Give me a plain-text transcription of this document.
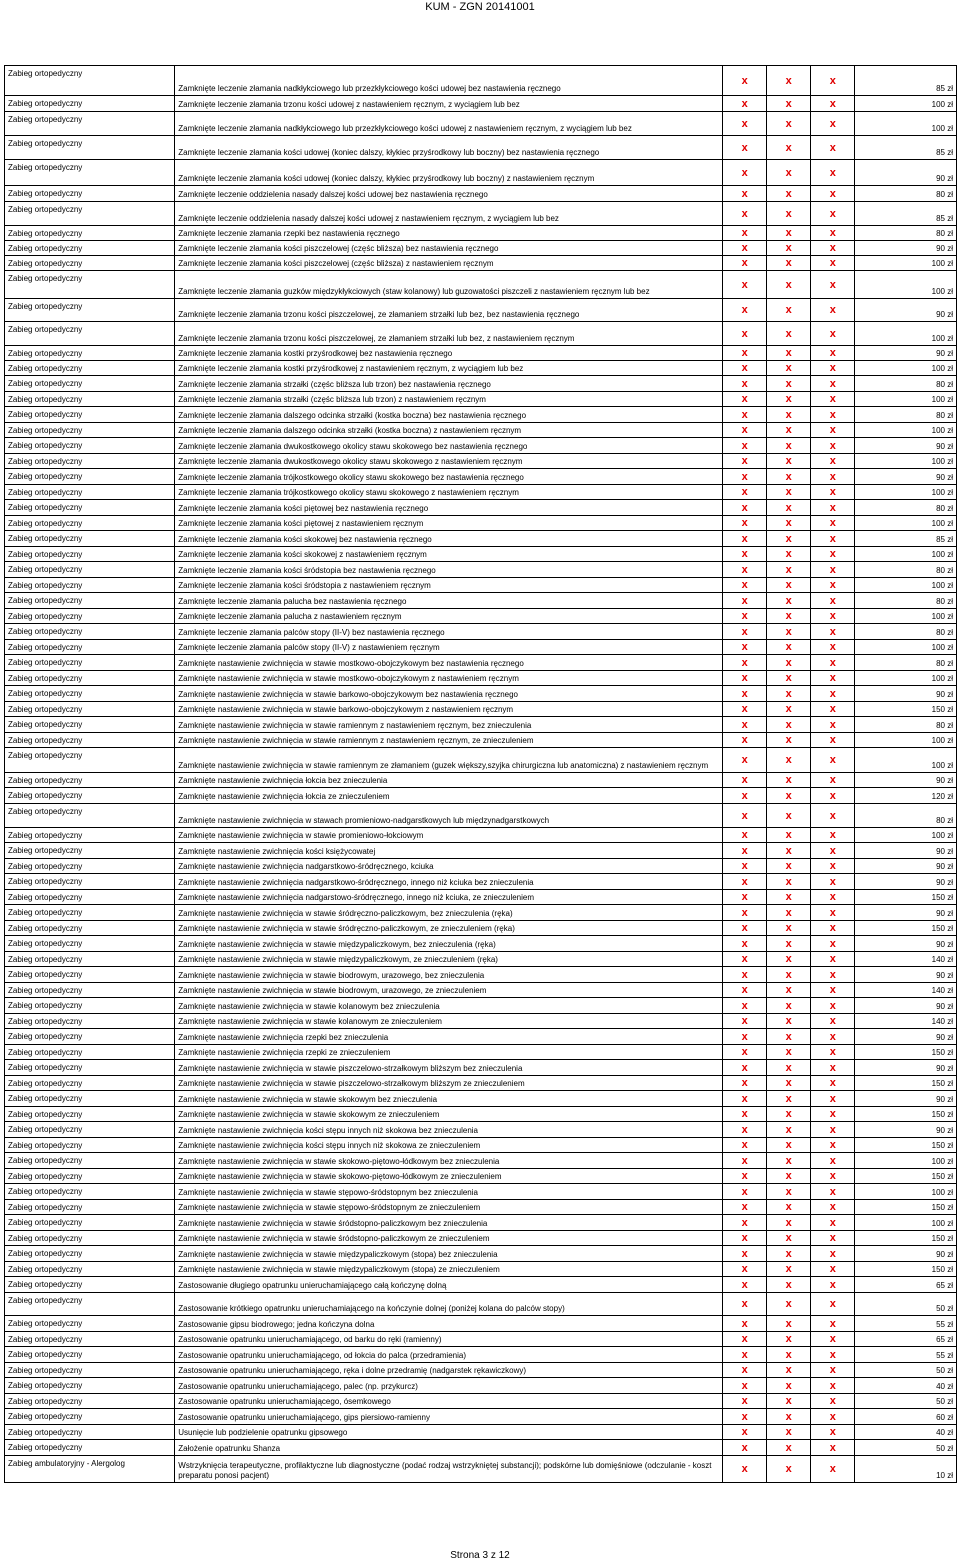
KUM - ZGN 20141001
Zabieg ortopedyczny	Zamknięte leczenie złamania nadkłykciowego lub przezkłykciowego kości udowej bez nastawienia ręcznego	x	x	x	85 zł
Zabieg ortopedyczny	Zamknięte leczenie złamania trzonu kości udowej z nastawieniem ręcznym, z wyciągiem lub bez	x	x	x	100 zł
Zabieg ortopedyczny	Zamknięte leczenie złamania nadkłykciowego lub przezkłykciowego kości udowej z nastawieniem ręcznym, z wyciągiem lub bez	x	x	x	100 zł
Zabieg ortopedyczny	Zamknięte leczenie złamania kości udowej (koniec dalszy, kłykiec przyśrodkowy lub boczny) bez nastawienia ręcznego	x	x	x	85 zł
Zabieg ortopedyczny	Zamknięte leczenie złamania kości udowej (koniec dalszy, kłykiec przyśrodkowy lub boczny) z nastawieniem ręcznym	x	x	x	90 zł
Zabieg ortopedyczny	Zamknięte leczenie oddzielenia nasady dalszej kości udowej bez nastawienia ręcznego	x	x	x	80 zł
Zabieg ortopedyczny	Zamknięte leczenie oddzielenia nasady dalszej kości udowej z nastawieniem ręcznym, z wyciągiem lub bez	x	x	x	85 zł
Zabieg ortopedyczny	Zamknięte leczenie złamania rzepki bez nastawienia ręcznego	x	x	x	80 zł
Zabieg ortopedyczny	Zamknięte leczenie złamania kości piszczelowej (częśc bliższa) bez nastawienia ręcznego	x	x	x	90 zł
Zabieg ortopedyczny	Zamknięte leczenie złamania kości piszczelowej (częśc bliższa) z nastawieniem ręcznym	x	x	x	100 zł
Zabieg ortopedyczny	Zamknięte leczenie złamania guzków międzykłykciowych (staw kolanowy) lub guzowatości piszczeli z nastawieniem ręcznym lub bez	x	x	x	100 zł
Zabieg ortopedyczny	Zamknięte leczenie złamania trzonu kości piszczelowej, ze złamaniem strzałki lub bez, bez nastawienia ręcznego	x	x	x	90 zł
Zabieg ortopedyczny	Zamknięte leczenie złamania trzonu kości piszczelowej, ze złamaniem strzałki lub bez, z nastawieniem ręcznym	x	x	x	100 zł
Zabieg ortopedyczny	Zamknięte leczenie złamania kostki przyśrodkowej bez nastawienia ręcznego	x	x	x	90 zł
Zabieg ortopedyczny	Zamknięte leczenie złamania kostki przyśrodkowej z nastawieniem ręcznym, z wyciągiem lub bez	x	x	x	100 zł
Zabieg ortopedyczny	Zamknięte leczenie złamania strzałki (częśc bliższa lub trzon) bez nastawienia ręcznego	x	x	x	80 zł
Zabieg ortopedyczny	Zamknięte leczenie złamania strzałki (częśc bliższa lub trzon) z nastawieniem ręcznym	x	x	x	100 zł
Zabieg ortopedyczny	Zamknięte leczenie złamania dalszego odcinka strzałki (kostka boczna) bez nastawienia ręcznego	x	x	x	80 zł
Zabieg ortopedyczny	Zamknięte leczenie złamania dalszego odcinka strzałki (kostka boczna) z nastawieniem ręcznym	x	x	x	100 zł
Zabieg ortopedyczny	Zamknięte leczenie złamania dwukostkowego okolicy stawu skokowego bez nastawienia ręcznego	x	x	x	90 zł
Zabieg ortopedyczny	Zamknięte leczenie złamania dwukostkowego okolicy stawu skokowego z nastawieniem ręcznym	x	x	x	100 zł
Zabieg ortopedyczny	Zamknięte leczenie złamania trójkostkowego okolicy stawu skokowego bez nastawienia ręcznego	x	x	x	90 zł
Zabieg ortopedyczny	Zamknięte leczenie złamania trójkostkowego okolicy stawu skokowego z nastawieniem ręcznym	x	x	x	100 zł
Zabieg ortopedyczny	Zamknięte leczenie złamania kości piętowej bez nastawienia ręcznego	x	x	x	80 zł
Zabieg ortopedyczny	Zamknięte leczenie złamania kości piętowej z nastawieniem ręcznym	x	x	x	100 zł
Zabieg ortopedyczny	Zamknięte leczenie złamania kości skokowej bez nastawienia ręcznego	x	x	x	85 zł
Zabieg ortopedyczny	Zamknięte leczenie złamania kości skokowej z nastawieniem ręcznym	x	x	x	100 zł
Zabieg ortopedyczny	Zamknięte leczenie złamania kości śródstopia bez nastawienia ręcznego	x	x	x	80 zł
Zabieg ortopedyczny	Zamknięte leczenie złamania kości śródstopia z nastawieniem ręcznym	x	x	x	100 zł
Zabieg ortopedyczny	Zamknięte leczenie złamania palucha bez nastawienia ręcznego	x	x	x	80 zł
Zabieg ortopedyczny	Zamknięte leczenie złamania palucha z nastawieniem ręcznym	x	x	x	100 zł
Zabieg ortopedyczny	Zamknięte leczenie złamania palców stopy (II-V) bez nastawienia ręcznego	x	x	x	80 zł
Zabieg ortopedyczny	Zamknięte leczenie złamania palców stopy (II-V) z nastawieniem ręcznym	x	x	x	100 zł
Zabieg ortopedyczny	Zamknięte nastawienie zwichnięcia w stawie mostkowo-obojczykowym bez nastawienia ręcznego	x	x	x	80 zł
Zabieg ortopedyczny	Zamknięte nastawienie zwichnięcia w stawie mostkowo-obojczykowym z nastawieniem ręcznym	x	x	x	100 zł
Zabieg ortopedyczny	Zamknięte nastawienie zwichnięcia w stawie barkowo-obojczykowym bez nastawienia ręcznego	x	x	x	90 zł
Zabieg ortopedyczny	Zamknięte nastawienie zwichnięcia w stawie barkowo-obojczykowym z nastawieniem ręcznym	x	x	x	150 zł
Zabieg ortopedyczny	Zamknięte nastawienie zwichnięcia w stawie ramiennym z nastawieniem ręcznym, bez znieczulenia	x	x	x	80 zł
Zabieg ortopedyczny	Zamknięte nastawienie zwichnięcia w stawie ramiennym z nastawieniem ręcznym, ze znieczuleniem	x	x	x	100 zł
Zabieg ortopedyczny	Zamknięte nastawienie zwichnięcia w stawie ramiennym ze złamaniem (guzek większy,szyjka chirurgiczna lub anatomiczna) z nastawieniem ręcznym	x	x	x	100 zł
Zabieg ortopedyczny	Zamknięte nastawienie zwichnięcia łokcia bez znieczulenia	x	x	x	90 zł
Zabieg ortopedyczny	Zamknięte nastawienie zwichnięcia łokcia ze znieczuleniem	x	x	x	120 zł
Zabieg ortopedyczny	Zamknięte nastawienie zwichnięcia w stawach promieniowo-nadgarstkowych lub międzynadgarstkowych	x	x	x	80 zł
Zabieg ortopedyczny	Zamknięte nastawienie zwichnięcia w stawie promieniowo-łokciowym	x	x	x	100 zł
Zabieg ortopedyczny	Zamknięte nastawienie zwichnięcia kości księżycowatej	x	x	x	90 zł
Zabieg ortopedyczny	Zamknięte nastawienie zwichnięcia nadgarstkowo-śródręcznego, kciuka	x	x	x	90 zł
Zabieg ortopedyczny	Zamknięte nastawienie zwichnięcia nadgarstkowo-śródręcznego, innego niż kciuka bez znieczulenia	x	x	x	90 zł
Zabieg ortopedyczny	Zamknięte nastawienie zwichnięcia nadgarstowo-śródręcznego, innego niż kciuka, ze znieczuleniem	x	x	x	150 zł
Zabieg ortopedyczny	Zamknięte nastawienie zwichnięcia w stawie śródręczno-paliczkowym, bez znieczulenia (ręka)	x	x	x	90 zł
Zabieg ortopedyczny	Zamknięte nastawienie zwichnięcia w stawie śródręczno-paliczkowym, ze znieczuleniem (ręka)	x	x	x	150 zł
Zabieg ortopedyczny	Zamknięte nastawienie zwichnięcia w stawie międzypaliczkowym, bez znieczulenia (ręka)	x	x	x	90 zł
Zabieg ortopedyczny	Zamknięte nastawienie zwichnięcia w stawie międzypaliczkowym, ze znieczuleniem (ręka)	x	x	x	140 zł
Zabieg ortopedyczny	Zamknięte nastawienie zwichnięcia w stawie biodrowym, urazowego, bez znieczulenia	x	x	x	90 zł
Zabieg ortopedyczny	Zamknięte nastawienie zwichnięcia w stawie biodrowym, urazowego, ze znieczuleniem	x	x	x	140 zł
Zabieg ortopedyczny	Zamknięte nastawienie zwichnięcia w stawie kolanowym bez znieczulenia	x	x	x	90 zł
Zabieg ortopedyczny	Zamknięte nastawienie zwichnięcia w stawie kolanowym ze znieczuleniem	x	x	x	140 zł
Zabieg ortopedyczny	Zamknięte nastawienie zwichnięcia rzepki bez znieczulenia	x	x	x	90 zł
Zabieg ortopedyczny	Zamknięte nastawienie zwichnięcia rzepki ze znieczuleniem	x	x	x	150 zł
Zabieg ortopedyczny	Zamknięte nastawienie zwichnięcia w stawie piszczelowo-strzałkowym bliższym bez znieczulenia	x	x	x	90 zł
Zabieg ortopedyczny	Zamknięte nastawienie zwichnięcia w stawie piszczelowo-strzałkowym bliższym ze znieczuleniem	x	x	x	150 zł
Zabieg ortopedyczny	Zamknięte nastawienie zwichnięcia w stawie skokowym bez znieczulenia	x	x	x	90 zł
Zabieg ortopedyczny	Zamknięte nastawienie zwichnięcia w stawie skokowym ze znieczuleniem	x	x	x	150 zł
Zabieg ortopedyczny	Zamknięte nastawienie zwichnięcia kości stępu innych niż skokowa bez znieczulenia	x	x	x	90 zł
Zabieg ortopedyczny	Zamknięte nastawienie zwichnięcia kości stępu innych niż skokowa ze znieczuleniem	x	x	x	150 zł
Zabieg ortopedyczny	Zamknięte nastawienie zwichnięcia w stawie skokowo-piętowo-łódkowym bez znieczulenia	x	x	x	100 zł
Zabieg ortopedyczny	Zamknięte nastawienie zwichnięcia w stawie skokowo-piętowo-łódkowym ze znieczuleniem	x	x	x	150 zł
Zabieg ortopedyczny	Zamknięte nastawienie zwichnięcia w stawie stępowo-śródstopnym bez znieczulenia	x	x	x	100 zł
Zabieg ortopedyczny	Zamknięte nastawienie zwichnięcia w stawie stępowo-śródstopnym ze znieczuleniem	x	x	x	150 zł
Zabieg ortopedyczny	Zamknięte nastawienie zwichnięcia w stawie śródstopno-paliczkowym bez znieczulenia	x	x	x	100 zł
Zabieg ortopedyczny	Zamknięte nastawienie zwichnięcia w stawie śródstopno-paliczkowym ze znieczuleniem	x	x	x	150 zł
Zabieg ortopedyczny	Zamknięte nastawienie zwichnięcia w stawie międzypaliczkowym (stopa) bez znieczulenia	x	x	x	90 zł
Zabieg ortopedyczny	Zamknięte nastawienie zwichnięcia w stawie międzypaliczkowym (stopa) ze znieczuleniem	x	x	x	150 zł
Zabieg ortopedyczny	Zastosowanie długiego opatrunku unieruchamiającego całą kończynę dolną	x	x	x	65 zł
Zabieg ortopedyczny	Zastosowanie krótkiego opatrunku unieruchamiającego na kończynie dolnej (poniżej kolana do palców stopy)	x	x	x	50 zł
Zabieg ortopedyczny	Zastosowanie gipsu biodrowego; jedna kończyna dolna	x	x	x	55 zł
Zabieg ortopedyczny	Zastosowanie opatrunku unieruchamiającego, od barku do ręki (ramienny)	x	x	x	65 zł
Zabieg ortopedyczny	Zastosowanie opatrunku unieruchamiającego, od łokcia do palca (przedramienia)	x	x	x	55 zł
Zabieg ortopedyczny	Zastosowanie opatrunku unieruchamiającego, ręka i dolne przedramię (nadgarstek rękawiczkowy)	x	x	x	50 zł
Zabieg ortopedyczny	Zastosowanie opatrunku unieruchamiającego, palec (np. przykurcz)	x	x	x	40 zł
Zabieg ortopedyczny	Zastosowanie opatrunku unieruchamiającego, ósemkowego	x	x	x	50 zł
Zabieg ortopedyczny	Zastosowanie opatrunku unieruchamiającego, gips piersiowo-ramienny	x	x	x	60 zł
Zabieg ortopedyczny	Usunięcie lub podzielenie opatrunku gipsowego	x	x	x	40 zł
Zabieg ortopedyczny	Założenie opatrunku Shanza	x	x	x	50 zł
Zabieg ambulatoryjny - Alergolog	Wstrzyknięcia terapeutyczne, profilaktyczne lub diagnostyczne (podać rodzaj wstrzykniętej substancji); podskórne lub domięśniowe (odczulanie - koszt preparatu ponosi pacjent)	x	x	x	10 zł
Strona 3 z 12
